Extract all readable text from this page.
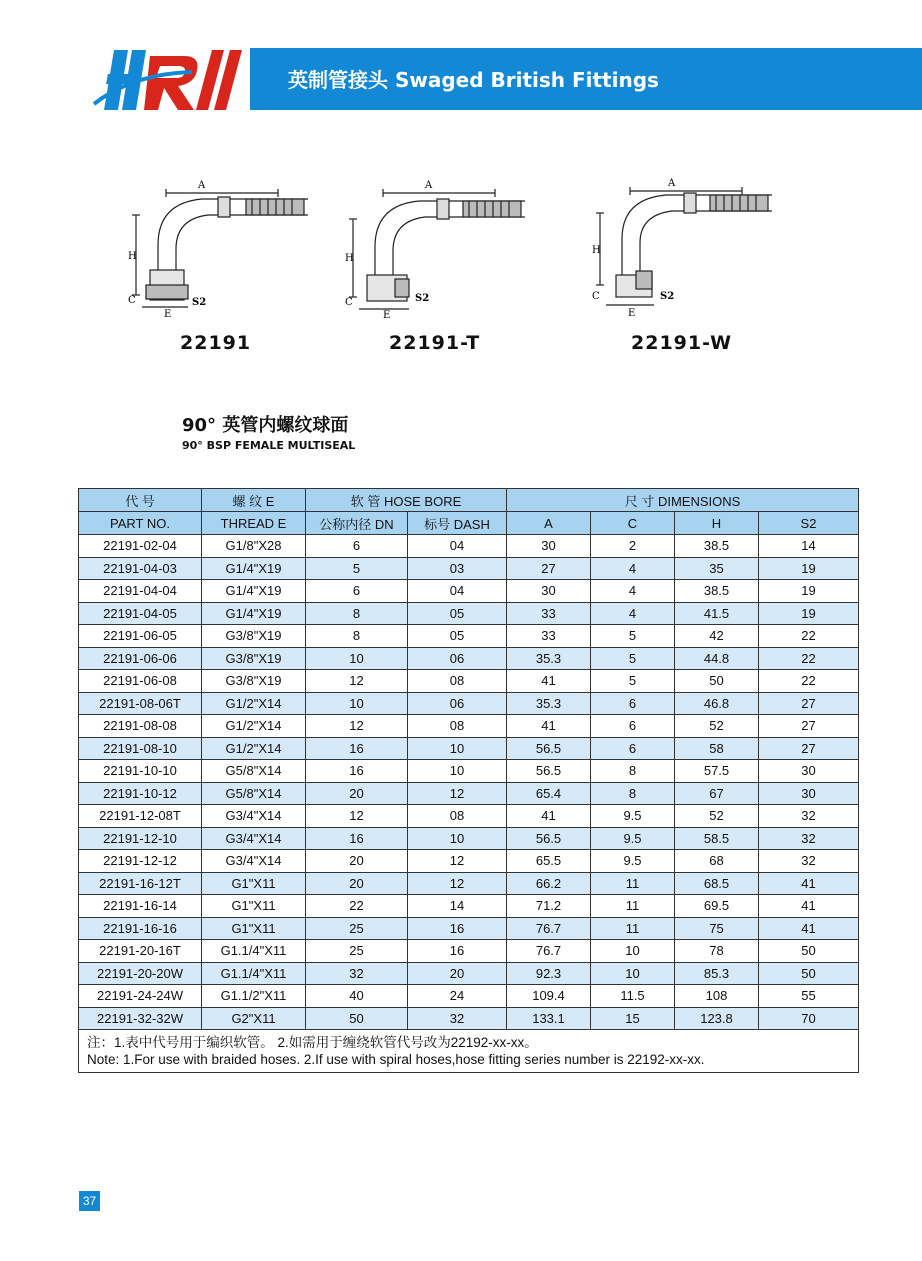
英制管接头 Swaged British Fittings
A
H
C
E
S2
A
H
C
E
S2
A
H
C
E
S2
22191	22191-T	22191-W
90° 英管内螺纹球面
90° BSP FEMALE MULTISEAL
代 号	螺 纹 E	软 管 HOSE BORE		尺 寸 DIMENSIONS			
PART NO.	THREAD E	公称内径 DN	标号 DASH	A	C	H	S2
22191-02-04	G1/8"X28	6	04	30	2	38.5	14
22191-04-03	G1/4"X19	5	03	27	4	35	19
22191-04-04	G1/4"X19	6	04	30	4	38.5	19
22191-04-05	G1/4"X19	8	05	33	4	41.5	19
22191-06-05	G3/8"X19	8	05	33	5	42	22
22191-06-06	G3/8"X19	10	06	35.3	5	44.8	22
22191-06-08	G3/8"X19	12	08	41	5	50	22
22191-08-06T	G1/2"X14	10	06	35.3	6	46.8	27
22191-08-08	G1/2"X14	12	08	41	6	52	27
22191-08-10	G1/2"X14	16	10	56.5	6	58	27
22191-10-10	G5/8"X14	16	10	56.5	8	57.5	30
22191-10-12	G5/8"X14	20	12	65.4	8	67	30
22191-12-08T	G3/4"X14	12	08	41	9.5	52	32
22191-12-10	G3/4"X14	16	10	56.5	9.5	58.5	32
22191-12-12	G3/4"X14	20	12	65.5	9.5	68	32
22191-16-12T	G1"X11	20	12	66.2	11	68.5	41
22191-16-14	G1"X11	22	14	71.2	11	69.5	41
22191-16-16	G1"X11	25	16	76.7	11	75	41
22191-20-16T	G1.1/4"X11	25	16	76.7	10	78	50
22191-20-20W	G1.1/4"X11	32	20	92.3	10	85.3	50
22191-24-24W	G1.1/2"X11	40	24	109.4	11.5	108	55
22191-32-32W	G2"X11	50	32	133.1	15	123.8	70

注：1.表中代号用于编织软管。 2.如需用于缠绕软管代号改为22192-xx-xx。
Note: 1.For use with braided hoses. 2.If use with spiral hoses,hose fitting series number is 22192-xx-xx.							
37
